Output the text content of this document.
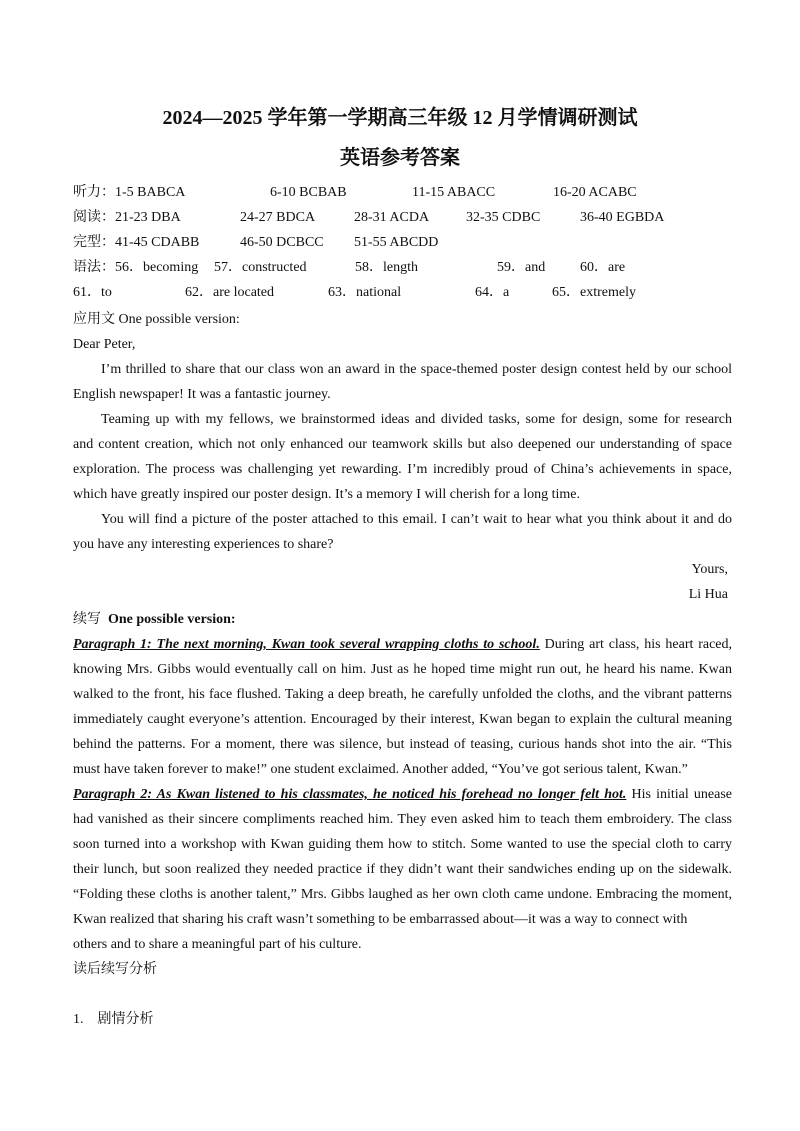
2024—2025 学年第一学期高三年级 12 月学情调研测试
英语参考答案
听力： 1-5 BABCA	6-10 BCBAB	11-15 ABACC	16-20 ACABC
阅读： 21-23 DBA	24-27 BDCA	28-31 ACDA	32-35 CDBC	36-40 EGBDA
完型： 41-45 CDABB	46-50 DCBCC 51-55 ABCDD
语法： 56．becoming 57．constructed	58．length	59．and 60．are
61．to	62．are located	63．national	64．a	65．extremely
应用文 One possible version:
Dear Peter,
I’m thrilled to share that our class won an award in the space-themed poster design contest held by our school
English newspaper! It was a fantastic journey.
Teaming up with my fellows, we brainstormed ideas and divided tasks, some for design, some for research
and content creation, which not only enhanced our teamwork skills but also deepened our understanding of space
exploration. The process was challenging yet rewarding. I’m incredibly proud of China’s achievements in space,
which have greatly inspired our poster design. It’s a memory I will cherish for a long time.
You will find a picture of the poster attached to this email. I can’t wait to hear what you think about it and do
you have any interesting experiences to share?
Yours,
Li Hua
续写 One possible version:
Paragraph 1: The next morning, Kwan took several wrapping cloths to school. During art class, his heart raced,
knowing Mrs. Gibbs would eventually call on him. Just as he hoped time might run out, he heard his name. Kwan
walked to the front, his face flushed. Taking a deep breath, he carefully unfolded the cloths, and the vibrant patterns
immediately caught everyone’s attention. Encouraged by their interest, Kwan began to explain the cultural meaning
behind the patterns. For a moment, there was silence, but instead of teasing, curious hands shot into the air. “This
must have taken forever to make!” one student exclaimed. Another added, “You’ve got serious talent, Kwan.”
Paragraph 2: As Kwan listened to his classmates, he noticed his forehead no longer felt hot. His initial unease
had vanished as their sincere compliments reached him. They even asked him to teach them embroidery. The class
soon turned into a workshop with Kwan guiding them how to stitch. Some wanted to use the special cloth to carry
their lunch, but soon realized they needed practice if they didn’t want their sandwiches ending up on the sidewalk.
“Folding these cloths is another talent,” Mrs. Gibbs laughed as her own cloth came undone. Embracing the moment,
Kwan realized that sharing his craft wasn’t something to be embarrassed about—it was a way to connect with
others and to share a meaningful part of his culture.
读后续写分析
1.    剧情分析
